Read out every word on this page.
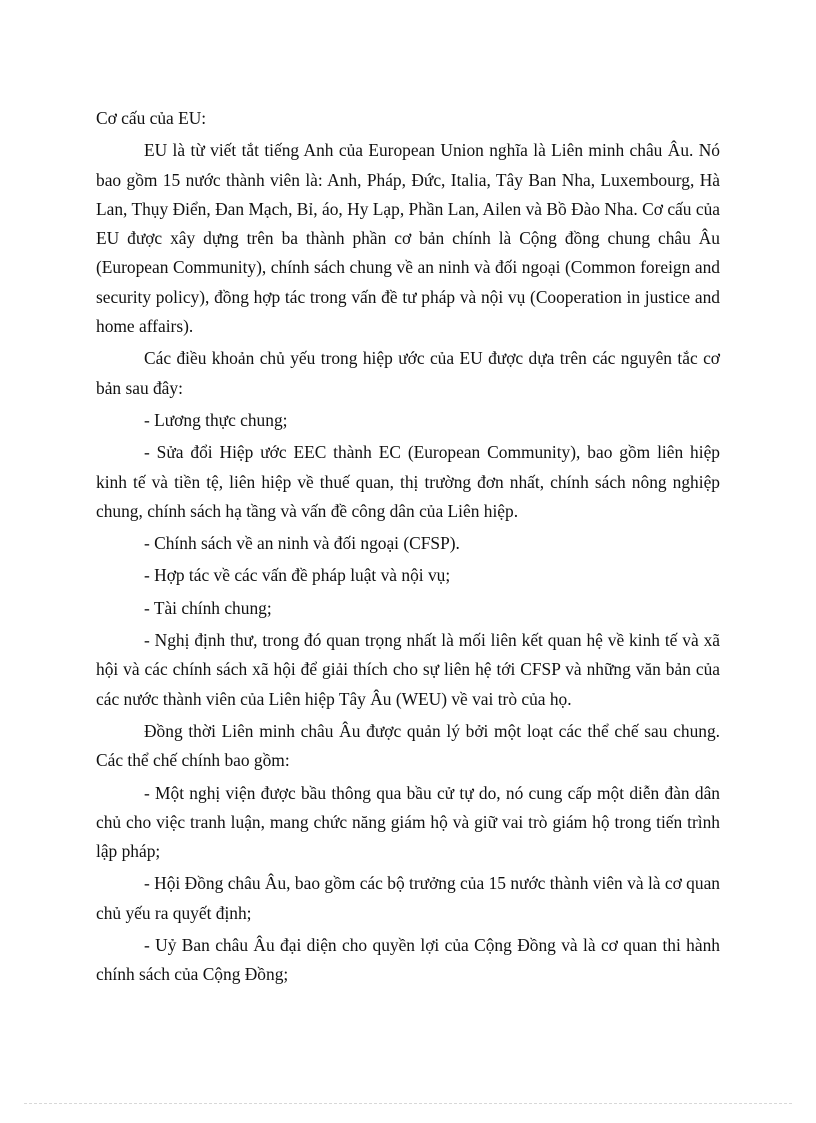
Cơ cấu của EU:

EU là từ viết tắt tiếng Anh của European Union nghĩa là Liên minh châu Âu. Nó bao gồm 15 nước thành viên là: Anh, Pháp, Đức, Italia, Tây Ban Nha, Luxembourg, Hà Lan, Thụy Điển, Đan Mạch, Bỉ, áo, Hy Lạp, Phần Lan, Ailen và Bồ Đào Nha. Cơ cấu của EU được xây dựng trên ba thành phần cơ bản chính là Cộng đồng chung châu Âu (European Community), chính sách chung về an ninh và đối ngoại (Common foreign and security policy), đồng hợp tác trong vấn đề tư pháp và nội vụ (Cooperation in justice and home affairs).

Các điều khoản chủ yếu trong hiệp ước của EU được dựa trên các nguyên tắc cơ bản sau đây:

- Lương thực chung;

- Sửa đổi Hiệp ước EEC thành EC (European Community), bao gồm liên hiệp kinh tế và tiền tệ, liên hiệp về thuế quan, thị trường đơn nhất, chính sách nông nghiệp chung, chính sách hạ tầng và vấn đề công dân của Liên hiệp.

- Chính sách về an ninh và đối ngoại (CFSP).

- Hợp tác về các vấn đề pháp luật và nội vụ;

- Tài chính chung;

- Nghị định thư, trong đó quan trọng nhất là mối liên kết quan hệ về kinh tế và xã hội và các chính sách xã hội để giải thích cho sự liên hệ tới CFSP và những văn bản của các nước thành viên của Liên hiệp Tây Âu (WEU) về vai trò của họ.

Đồng thời Liên minh châu Âu được quản lý bởi một loạt các thể chế sau chung. Các thể chế chính bao gồm:

- Một nghị viện được bầu thông qua bầu cử tự do, nó cung cấp một diễn đàn dân chủ cho việc tranh luận, mang chức năng giám hộ và giữ vai trò giám hộ trong tiến trình lập pháp;

- Hội Đồng châu Âu, bao gồm các bộ trưởng của 15 nước thành viên và là cơ quan chủ yếu ra quyết định;

- Uỷ Ban châu Âu đại diện cho quyền lợi của Cộng Đồng và là cơ quan thi hành chính sách của Cộng Đồng;
